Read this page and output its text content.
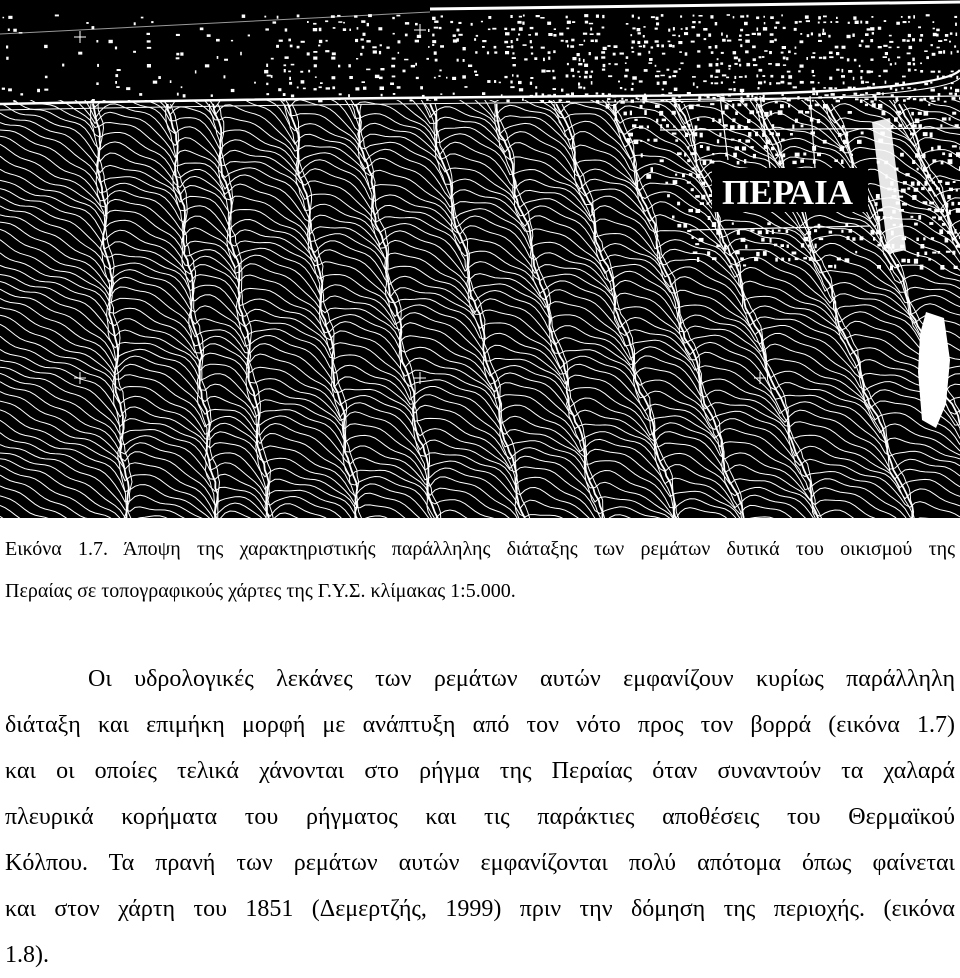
ΠΕΡΑΙΑ
Εικόνα 1.7. Άποψη της χαρακτηριστικής παράλληλης διάταξης των ρεμάτων δυτικά του οικισμού της
Περαίας σε τοπογραφικούς χάρτες της Γ.Υ.Σ. κλίμακας 1:5.000.
Οι υδρολογικές λεκάνες των ρεμάτων αυτών εμφανίζουν κυρίως παράλληλη
διάταξη και επιμήκη μορφή με ανάπτυξη από τον νότο προς τον βορρά (εικόνα 1.7)
και οι οποίες τελικά χάνονται στο ρήγμα της Περαίας όταν συναντούν τα χαλαρά
πλευρικά κορήματα του ρήγματος και τις παράκτιες αποθέσεις του Θερμαϊκού
Κόλπου. Τα πρανή των ρεμάτων αυτών εμφανίζονται πολύ απότομα όπως φαίνεται
και στον χάρτη του 1851 (Δεμερτζής, 1999) πριν την δόμηση της περιοχής. (εικόνα
1.8).
